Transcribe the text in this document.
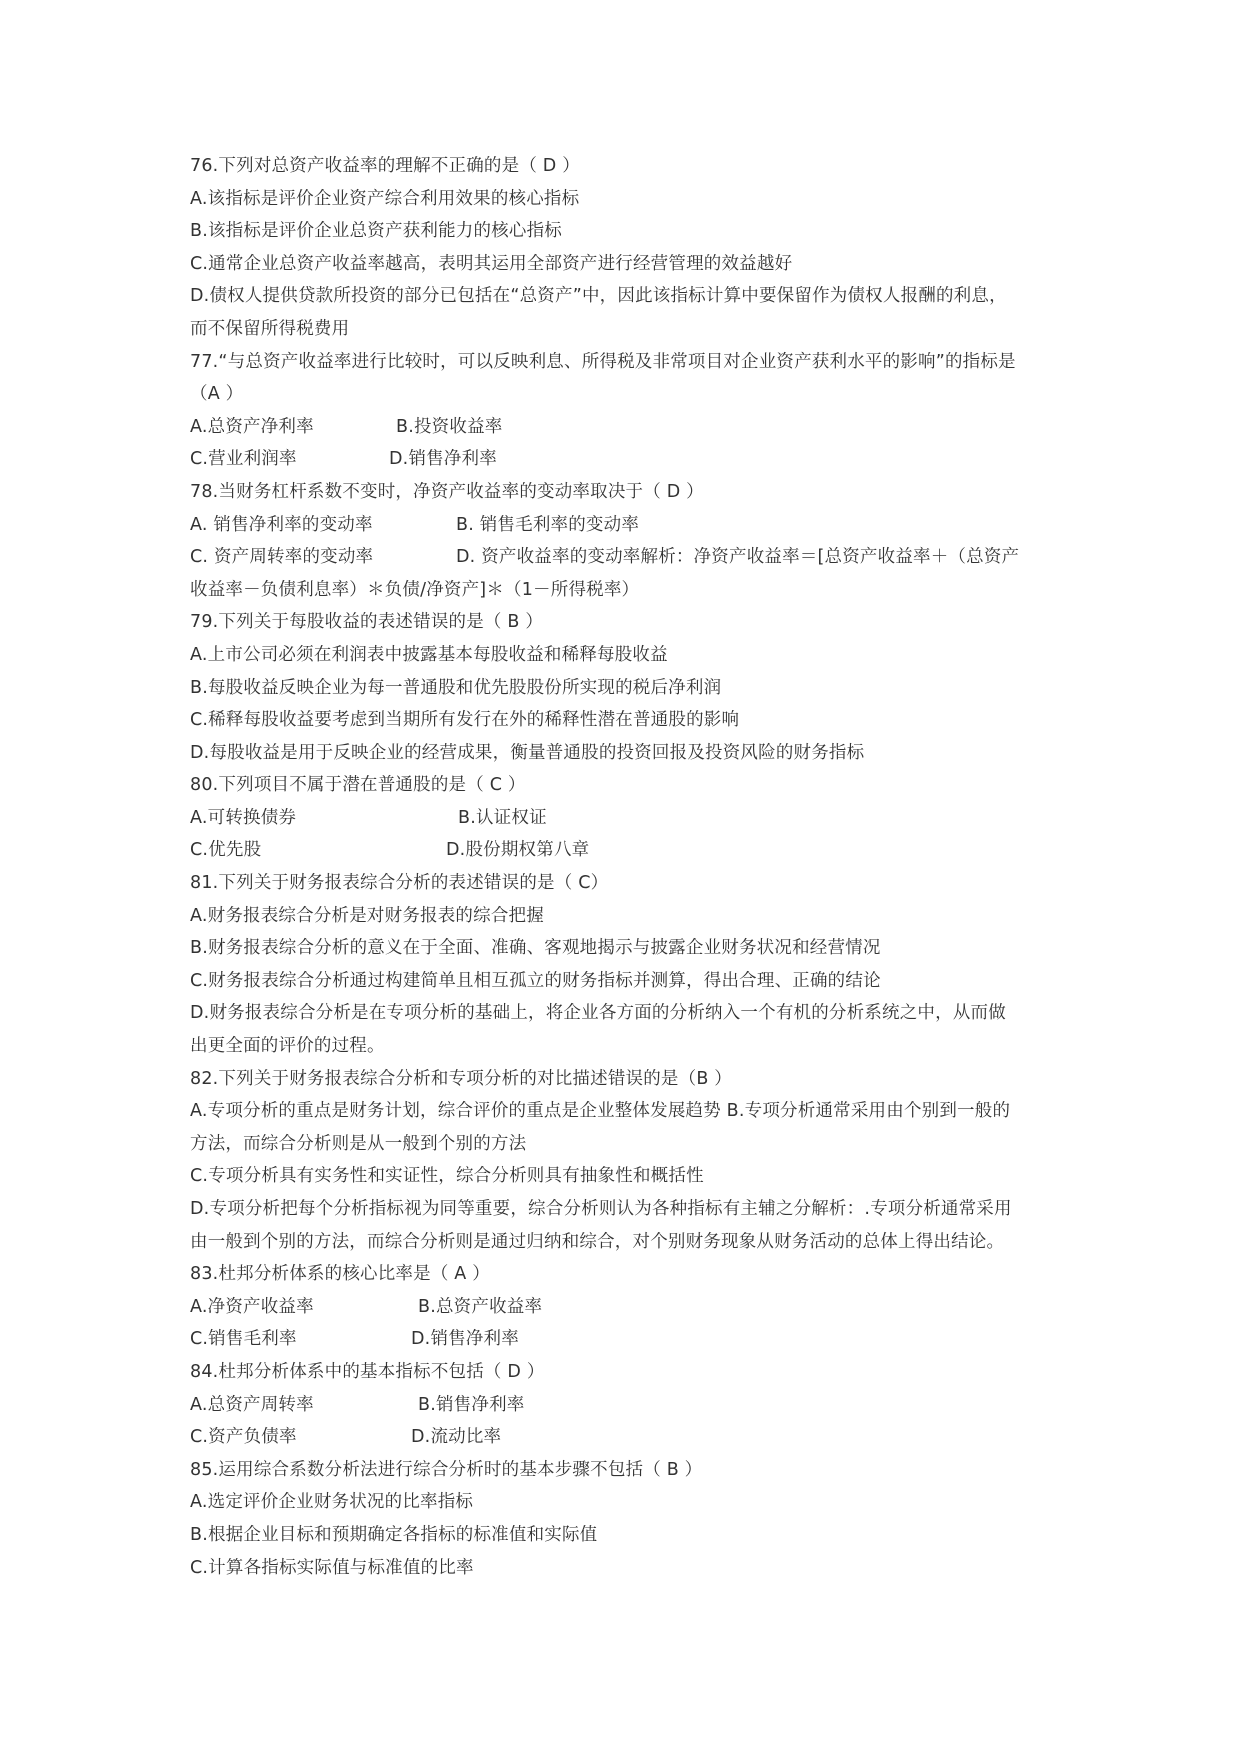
76.下列对总资产收益率的理解不正确的是（ D ）
A.该指标是评价企业资产综合利用效果的核心指标
B.该指标是评价企业总资产获利能力的核心指标
C.通常企业总资产收益率越高，表明其运用全部资产进行经营管理的效益越好
D.债权人提供贷款所投资的部分已包括在“总资产”中，因此该指标计算中要保留作为债权人报酬的利息，
而不保留所得税费用
77.“与总资产收益率进行比较时，可以反映利息、所得税及非常项目对企业资产获利水平的影响”的指标是
（A ）
A.总资产净利率	B.投资收益率
C.营业利润率	D.销售净利率
78.当财务杠杆系数不变时，净资产收益率的变动率取决于（ D ）
A. 销售净利率的变动率	B. 销售毛利率的变动率
C. 资产周转率的变动率	D. 资产收益率的变动率解析：净资产收益率＝[总资产收益率＋（总资产
收益率－负债利息率）＊负债/净资产]＊（1－所得税率）
79.下列关于每股收益的表述错误的是（ B ）
A.上市公司必须在利润表中披露基本每股收益和稀释每股收益
B.每股收益反映企业为每一普通股和优先股股份所实现的税后净利润
C.稀释每股收益要考虑到当期所有发行在外的稀释性潜在普通股的影响
D.每股收益是用于反映企业的经营成果，衡量普通股的投资回报及投资风险的财务指标
80.下列项目不属于潜在普通股的是（ C ）
A.可转换债券	B.认证权证
C.优先股	D.股份期权第八章
81.下列关于财务报表综合分析的表述错误的是（ C）
A.财务报表综合分析是对财务报表的综合把握
B.财务报表综合分析的意义在于全面、准确、客观地揭示与披露企业财务状况和经营情况
C.财务报表综合分析通过构建简单且相互孤立的财务指标并测算，得出合理、正确的结论
D.财务报表综合分析是在专项分析的基础上，将企业各方面的分析纳入一个有机的分析系统之中，从而做
出更全面的评价的过程。
82.下列关于财务报表综合分析和专项分析的对比描述错误的是（B ）
A.专项分析的重点是财务计划，综合评价的重点是企业整体发展趋势 B.专项分析通常采用由个别到一般的
方法，而综合分析则是从一般到个别的方法
C.专项分析具有实务性和实证性，综合分析则具有抽象性和概括性
D.专项分析把每个分析指标视为同等重要，综合分析则认为各种指标有主辅之分解析：.专项分析通常采用
由一般到个别的方法，而综合分析则是通过归纳和综合，对个别财务现象从财务活动的总体上得出结论。
83.杜邦分析体系的核心比率是（ A ）
A.净资产收益率	B.总资产收益率
C.销售毛利率	D.销售净利率
84.杜邦分析体系中的基本指标不包括（ D ）
A.总资产周转率	B.销售净利率
C.资产负债率	D.流动比率
85.运用综合系数分析法进行综合分析时的基本步骤不包括（ B ）
A.选定评价企业财务状况的比率指标
B.根据企业目标和预期确定各指标的标准值和实际值
C.计算各指标实际值与标准值的比率
